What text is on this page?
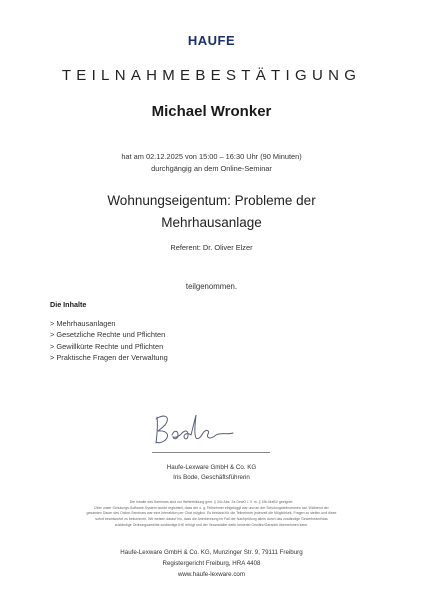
HAUFE
TEILNAHMEBESTÄTIGUNG
Michael Wronker
hat am 02.12.2025 von 15:00 – 16:30 Uhr (90 Minuten)
durchgängig an dem Online-Seminar
Wohnungseigentum: Probleme der
Mehrhausanlage
Referent: Dr. Oliver Elzer
teilgenommen.
Die Inhalte
> Mehrhausanlagen
> Gesetzliche Rechte und Pflichten
> Gewillkürte Rechte und Pflichten
> Praktische Fragen der Verwaltung
Haufe-Lexware GmbH & Co. KG
Iris Bode, Geschäftsführerin
Die Inhalte des Seminars sind zur Weiterbildung gem. § 34c Abs. 2a GewO i. V. m. § 15b MaBV geeignet.
Über unser Schulungs-Software-System wurde registriert, dass der o. g. Teilnehmer eingeloggt war und an der Schulungsteilnommen hat. Während der
gesamten Dauer des Online-Seminars war eine Interaktion per Chat möglich. Es bestand für die Teilnehmer jederzeit die Möglichkeit, Fragen zu stellen und diese
sofort beantwortet zu bekommen. Wir weisen darauf hin, dass die Anerkennung im Fall der Nachprüfung allein durch das zuständige Gewerbeamt/das
zuständige Ordnungsamt/die zuständige IHK erfolgt und der Veranstalter dafür keinerlei Gewähr/Garantie übernehmen kann.
Haufe-Lexware GmbH & Co. KG, Munzinger Str. 9, 79111 Freiburg
Registergericht Freiburg, HRA 4408
www.haufe-lexware.com
